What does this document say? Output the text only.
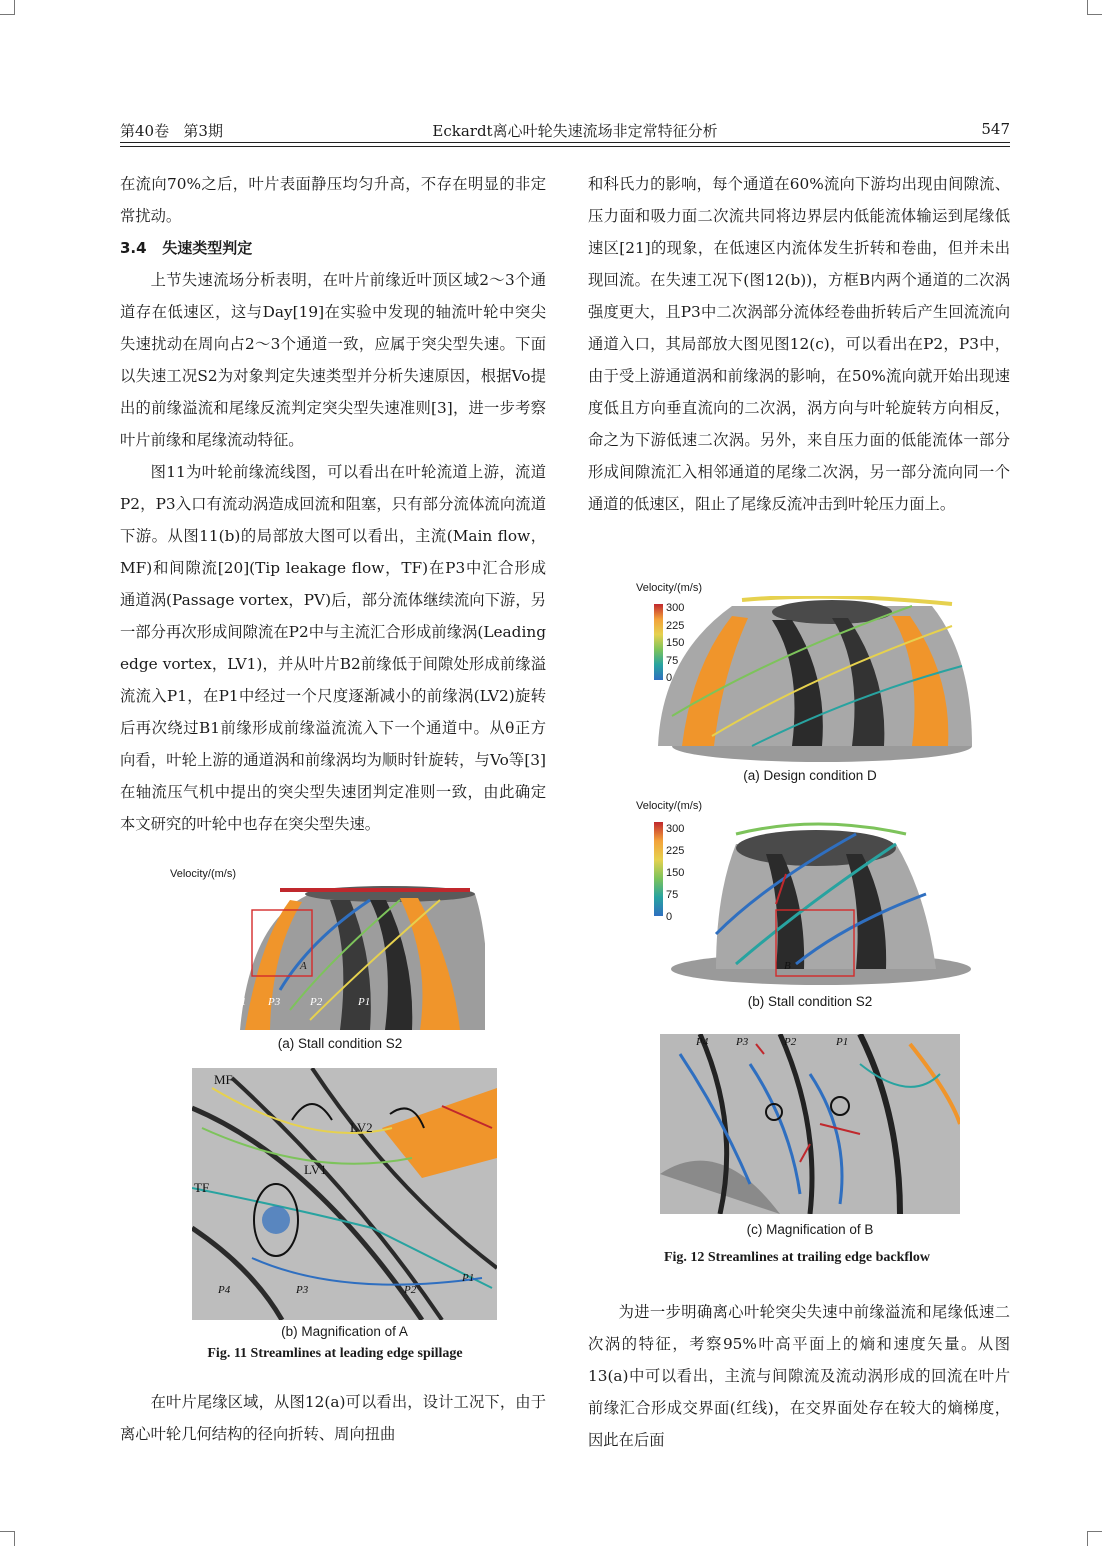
第40卷 第3期	Eckardt离心叶轮失速流场非定常特征分析	547

在流向70%之后，叶片表面静压均匀升高，不存在明显的非定常扰动。

3.4 失速类型判定

上节失速流场分析表明，在叶片前缘近叶顶区域2～3个通道存在低速区，这与Day[19]在实验中发现的轴流叶轮中突尖失速扰动在周向占2～3个通道一致，应属于突尖型失速。下面以失速工况S2为对象判定失速类型并分析失速原因，根据Vo提出的前缘溢流和尾缘反流判定突尖型失速准则[3]，进一步考察叶片前缘和尾缘流动特征。

图11为叶轮前缘流线图，可以看出在叶轮流道上游，流道P2，P3入口有流动涡造成回流和阻塞，只有部分流体流向流道下游。从图11(b)的局部放大图可以看出，主流(Main flow，MF)和间隙流[20](Tip leakage flow，TF)在P3中汇合形成通道涡(Passage vortex，PV)后，部分流体继续流向下游，另一部分再次形成间隙流在P2中与主流汇合形成前缘涡(Leading edge vortex，LV1)，并从叶片B2前缘低于间隙处形成前缘溢流流入P1，在P1中经过一个尺度逐渐减小的前缘涡(LV2)旋转后再次绕过B1前缘形成前缘溢流流入下一个通道中。从θ正方向看，叶轮上游的通道涡和前缘涡均为顺时针旋转，与Vo等[3]在轴流压气机中提出的突尖型失速团判定准则一致，由此确定本文研究的叶轮中也存在突尖型失速。

Velocity/(m/s)
A
P1 P3	P2	P1
(a) Stall condition S2
MF
LV2
LV1
TF
P4	P3	P2
P1
(b) Magnification of A
Fig. 11 Streamlines at leading edge spillage

在叶片尾缘区域，从图12(a)可以看出，设计工况下，由于离心叶轮几何结构的径向折转、周向扭曲

和科氏力的影响，每个通道在60%流向下游均出现由间隙流、压力面和吸力面二次流共同将边界层内低能流体输运到尾缘低速区[21]的现象，在低速区内流体发生折转和卷曲，但并未出现回流。在失速工况下(图12(b))，方框B内两个通道的二次涡强度更大，且P3中二次涡部分流体经卷曲折转后产生回流流向通道入口，其局部放大图见图12(c)，可以看出在P2，P3中，由于受上游通道涡和前缘涡的影响，在50%流向就开始出现速度低且方向垂直流向的二次涡，涡方向与叶轮旋转方向相反，命之为下游低速二次涡。另外，来自压力面的低能流体一部分形成间隙流汇入相邻通道的尾缘二次涡，另一部分流向同一个通道的低速区，阻止了尾缘反流冲击到叶轮压力面上。

Velocity/(m/s)
300
225
150
75
0
(a) Design condition D
Velocity/(m/s)
300
225
150
75
0
B
(b) Stall condition S2
P4	P3	P2	P1
(c) Magnification of B
Fig. 12 Streamlines at trailing edge backflow

为进一步明确离心叶轮突尖失速中前缘溢流和尾缘低速二次涡的特征，考察95%叶高平面上的熵和速度矢量。从图13(a)中可以看出，主流与间隙流及流动涡形成的回流在叶片前缘汇合形成交界面(红线)，在交界面处存在较大的熵梯度，因此在后面
